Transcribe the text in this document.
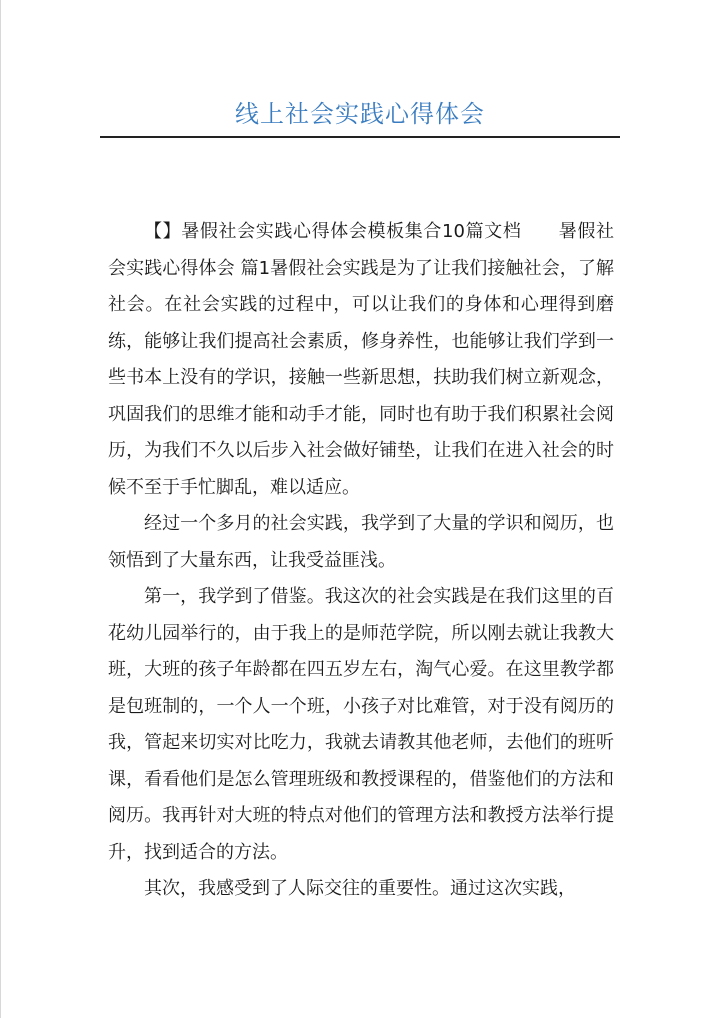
线上社会实践心得体会

【】暑假社会实践心得体会模板集合10篇文档　　暑假社会实践心得体会 篇1暑假社会实践是为了让我们接触社会，了解社会。在社会实践的过程中，可以让我们的身体和心理得到磨练，能够让我们提高社会素质，修身养性，也能够让我们学到一些书本上没有的学识，接触一些新思想，扶助我们树立新观念，巩固我们的思维才能和动手才能，同时也有助于我们积累社会阅历，为我们不久以后步入社会做好铺垫，让我们在进入社会的时候不至于手忙脚乱，难以适应。

经过一个多月的社会实践，我学到了大量的学识和阅历，也领悟到了大量东西，让我受益匪浅。

第一，我学到了借鉴。我这次的社会实践是在我们这里的百花幼儿园举行的，由于我上的是师范学院，所以刚去就让我教大班，大班的孩子年龄都在四五岁左右，淘气心爱。在这里教学都是包班制的，一个人一个班，小孩子对比难管，对于没有阅历的我，管起来切实对比吃力，我就去请教其他老师，去他们的班听课，看看他们是怎么管理班级和教授课程的，借鉴他们的方法和阅历。我再针对大班的特点对他们的管理方法和教授方法举行提升，找到适合的方法。

其次，我感受到了人际交往的重要性。通过这次实践，
